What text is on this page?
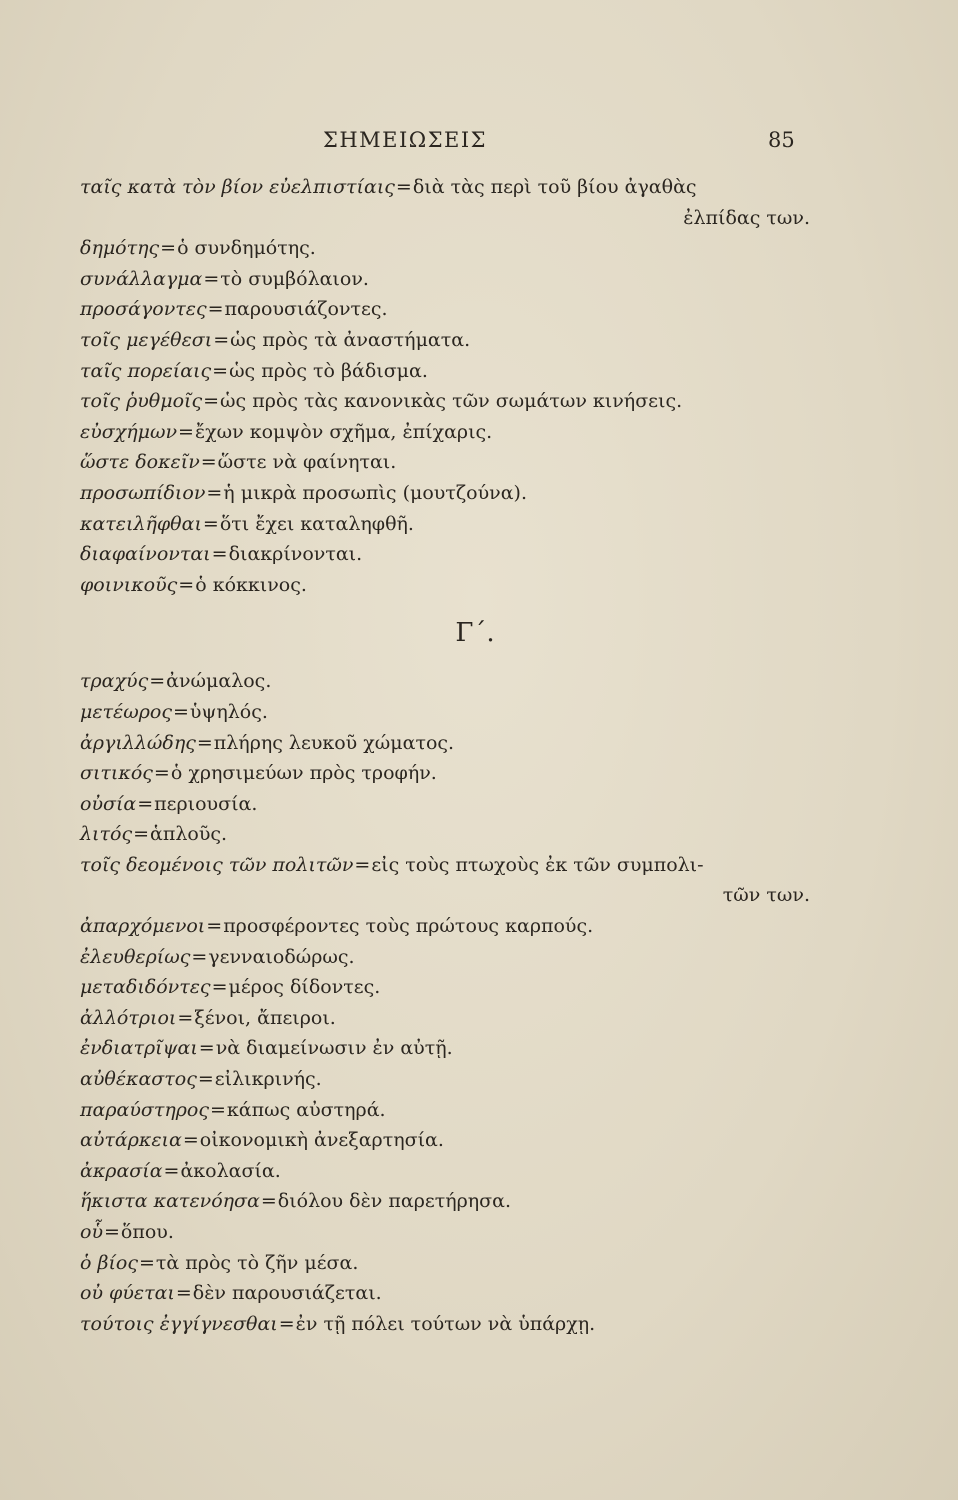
ΣΗΜΕΙΩΣΕΙΣ	85
ταῖς κατὰ τὸν βίον εὐελπιστίαις=διὰ τὰς περὶ τοῦ βίου ἀγαθὰς
ἐλπίδας των.
δημότης=ὁ συνδημότης.
συνάλλαγμα=τὸ συμβόλαιον.
προσάγοντες=παρουσιάζοντες.
τοῖς μεγέθεσι=ὡς πρὸς τὰ ἀναστήματα.
ταῖς πορείαις=ὡς πρὸς τὸ βάδισμα.
τοῖς ῥυθμοῖς=ὡς πρὸς τὰς κανονικὰς τῶν σωμάτων κινήσεις.
εὐσχήμων=ἔχων κομψὸν σχῆμα, ἐπίχαρις.
ὥστε δοκεῖν=ὥστε νὰ φαίνηται.
προσωπίδιον=ἡ μικρὰ προσωπὶς (μουτζούνα).
κατειλῆφθαι=ὅτι ἔχει καταληφθῆ.
διαφαίνονται=διακρίνονται.
φοινικοῦς=ὁ κόκκινος.
Γ΄.
τραχύς=ἀνώμαλος.
μετέωρος=ὑψηλός.
ἀργιλλώδης=πλήρης λευκοῦ χώματος.
σιτικός=ὁ χρησιμεύων πρὸς τροφήν.
οὐσία=περιουσία.
λιτός=ἁπλοῦς.
τοῖς δεομένοις τῶν πολιτῶν=εἰς τοὺς πτωχοὺς ἐκ τῶν συμπολι-
τῶν των.
ἀπαρχόμενοι=προσφέροντες τοὺς πρώτους καρπούς.
ἐλευθερίως=γενναιοδώρως.
μεταδιδόντες=μέρος δίδοντες.
ἀλλότριοι=ξένοι, ἄπειροι.
ἐνδιατρῖψαι=νὰ διαμείνωσιν ἐν αὐτῇ.
αὐθέκαστος=εἰλικρινής.
παραύστηρος=κάπως αὐστηρά.
αὐτάρκεια=οἰκονομικὴ ἀνεξαρτησία.
ἀκρασία=ἀκολασία.
ἥκιστα κατενόησα=διόλου δὲν παρετήρησα.
οὗ=ὅπου.
ὁ βίος=τὰ πρὸς τὸ ζῆν μέσα.
οὐ φύεται=δὲν παρουσιάζεται.
τούτοις ἐγγίγνεσθαι=ἐν τῇ πόλει τούτων νὰ ὑπάρχῃ.
